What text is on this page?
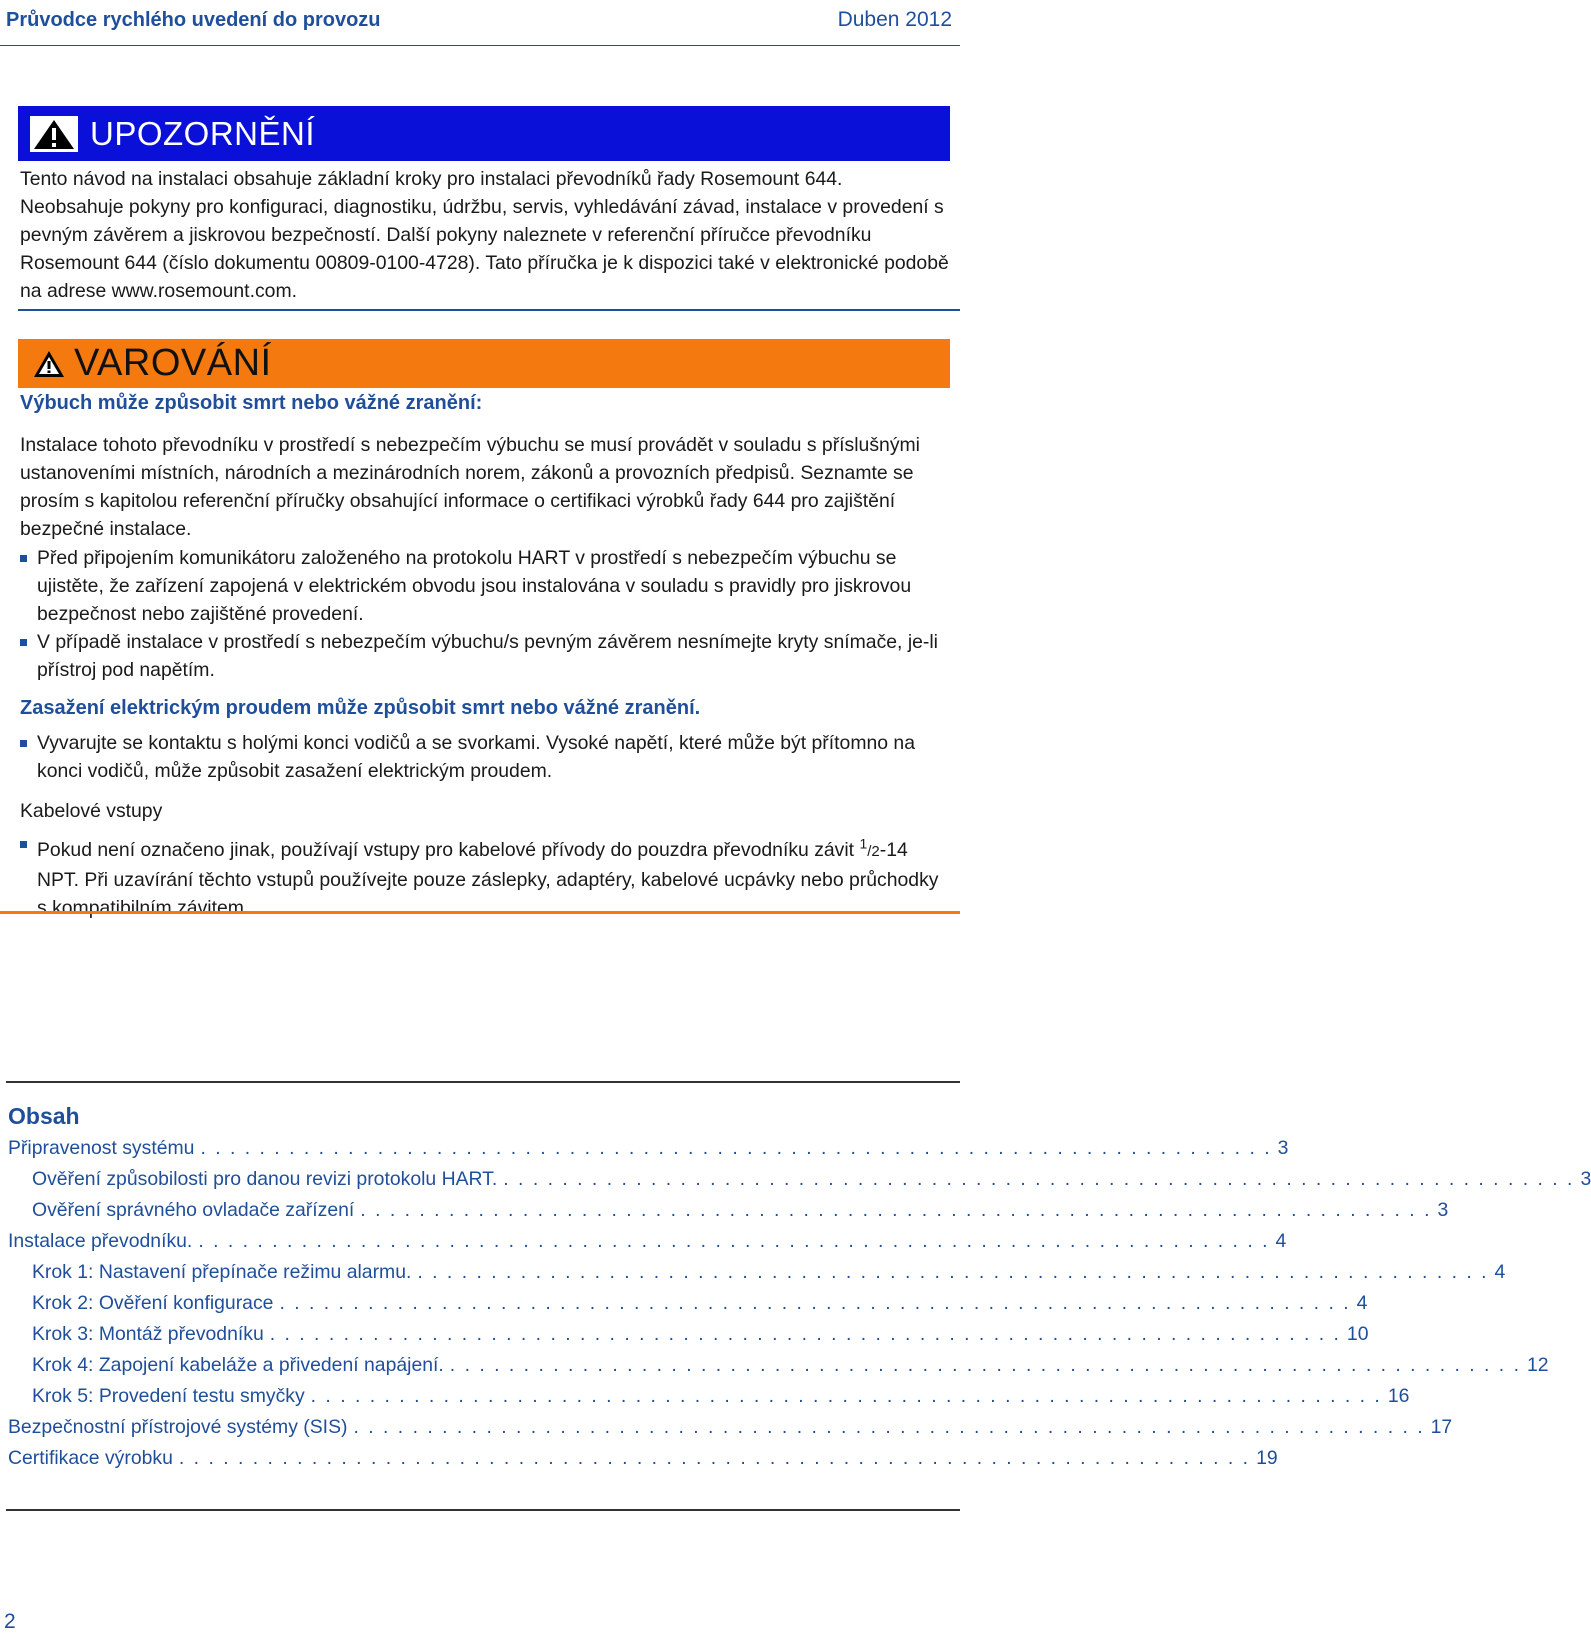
Průvodce rychlého uvedení do provozu	Duben 2012
UPOZORNĚNÍ
Tento návod na instalaci obsahuje základní kroky pro instalaci převodníků řady Rosemount 644. Neobsahuje pokyny pro konfiguraci, diagnostiku, údržbu, servis, vyhledávání závad, instalace v provedení s pevným závěrem a jiskrovou bezpečností. Další pokyny naleznete v referenční příručce převodníku Rosemount 644 (číslo dokumentu 00809-0100-4728). Tato příručka je k dispozici také v elektronické podobě na adrese www.rosemount.com.
VAROVÁNÍ
Výbuch může způsobit smrt nebo vážné zranění:
Instalace tohoto převodníku v prostředí s nebezpečím výbuchu se musí provádět v souladu s příslušnými ustanoveními místních, národních a mezinárodních norem, zákonů a provozních předpisů. Seznamte se prosím s kapitolou referenční příručky obsahující informace o certifikaci výrobků řady 644 pro zajištění bezpečné instalace.
Před připojením komunikátoru založeného na protokolu HART v prostředí s nebezpečím výbuchu se ujistěte, že zařízení zapojená v elektrickém obvodu jsou instalována v souladu s pravidly pro jiskrovou bezpečnost nebo zajištěné provedení.
V případě instalace v prostředí s nebezpečím výbuchu/s pevným závěrem nesnímejte kryty snímače, je-li přístroj pod napětím.
Zasažení elektrickým proudem může způsobit smrt nebo vážné zranění.
Vyvarujte se kontaktu s holými konci vodičů a se svorkami. Vysoké napětí, které může být přítomno na konci vodičů, může způsobit zasažení elektrickým proudem.
Kabelové vstupy
Pokud není označeno jinak, používají vstupy pro kabelové přívody do pouzdra převodníku závit $^1$/2-14 NPT. Při uzavírání těchto vstupů používejte pouze záslepky, adaptéry, kabelové ucpávky nebo průchodky s kompatibilním závitem.
Obsah
Připravenost systému . . . . . . . . . . . . . . . . . . . . . . . . . . . . . . . . . . . . . . . . . . . . . . . . . . . . . . . . . . . . . . . . . . . . . . . . . 3
Ověření způsobilosti pro danou revizi protokolu HART. . . . . . . . . . . . . . . . . . . . . . . . . . . . . . . . . . . . . . . . . . . . . . . . . . . . . . . . . . . . . . . . . . . . . . . . . . 3
Ověření správného ovladače zařízení . . . . . . . . . . . . . . . . . . . . . . . . . . . . . . . . . . . . . . . . . . . . . . . . . . . . . . . . . . . . . . . . . . . . . . . . . 3
Instalace převodníku. . . . . . . . . . . . . . . . . . . . . . . . . . . . . . . . . . . . . . . . . . . . . . . . . . . . . . . . . . . . . . . . . . . . . . . . . . 4
Krok 1: Nastavení přepínače režimu alarmu. . . . . . . . . . . . . . . . . . . . . . . . . . . . . . . . . . . . . . . . . . . . . . . . . . . . . . . . . . . . . . . . . . . . . . . . . . 4
Krok 2: Ověření konfigurace . . . . . . . . . . . . . . . . . . . . . . . . . . . . . . . . . . . . . . . . . . . . . . . . . . . . . . . . . . . . . . . . . . . . . . . . . 4
Krok 3: Montáž převodníku . . . . . . . . . . . . . . . . . . . . . . . . . . . . . . . . . . . . . . . . . . . . . . . . . . . . . . . . . . . . . . . . . . . . . . . . . 10
Krok 4: Zapojení kabeláže a přivedení napájení. . . . . . . . . . . . . . . . . . . . . . . . . . . . . . . . . . . . . . . . . . . . . . . . . . . . . . . . . . . . . . . . . . . . . . . . . . 12
Krok 5: Provedení testu smyčky . . . . . . . . . . . . . . . . . . . . . . . . . . . . . . . . . . . . . . . . . . . . . . . . . . . . . . . . . . . . . . . . . . . . . . . . . 16
Bezpečnostní přístrojové systémy (SIS) . . . . . . . . . . . . . . . . . . . . . . . . . . . . . . . . . . . . . . . . . . . . . . . . . . . . . . . . . . . . . . . . . . . . . . . . . 17
Certifikace výrobku . . . . . . . . . . . . . . . . . . . . . . . . . . . . . . . . . . . . . . . . . . . . . . . . . . . . . . . . . . . . . . . . . . . . . . . . . 19
2
